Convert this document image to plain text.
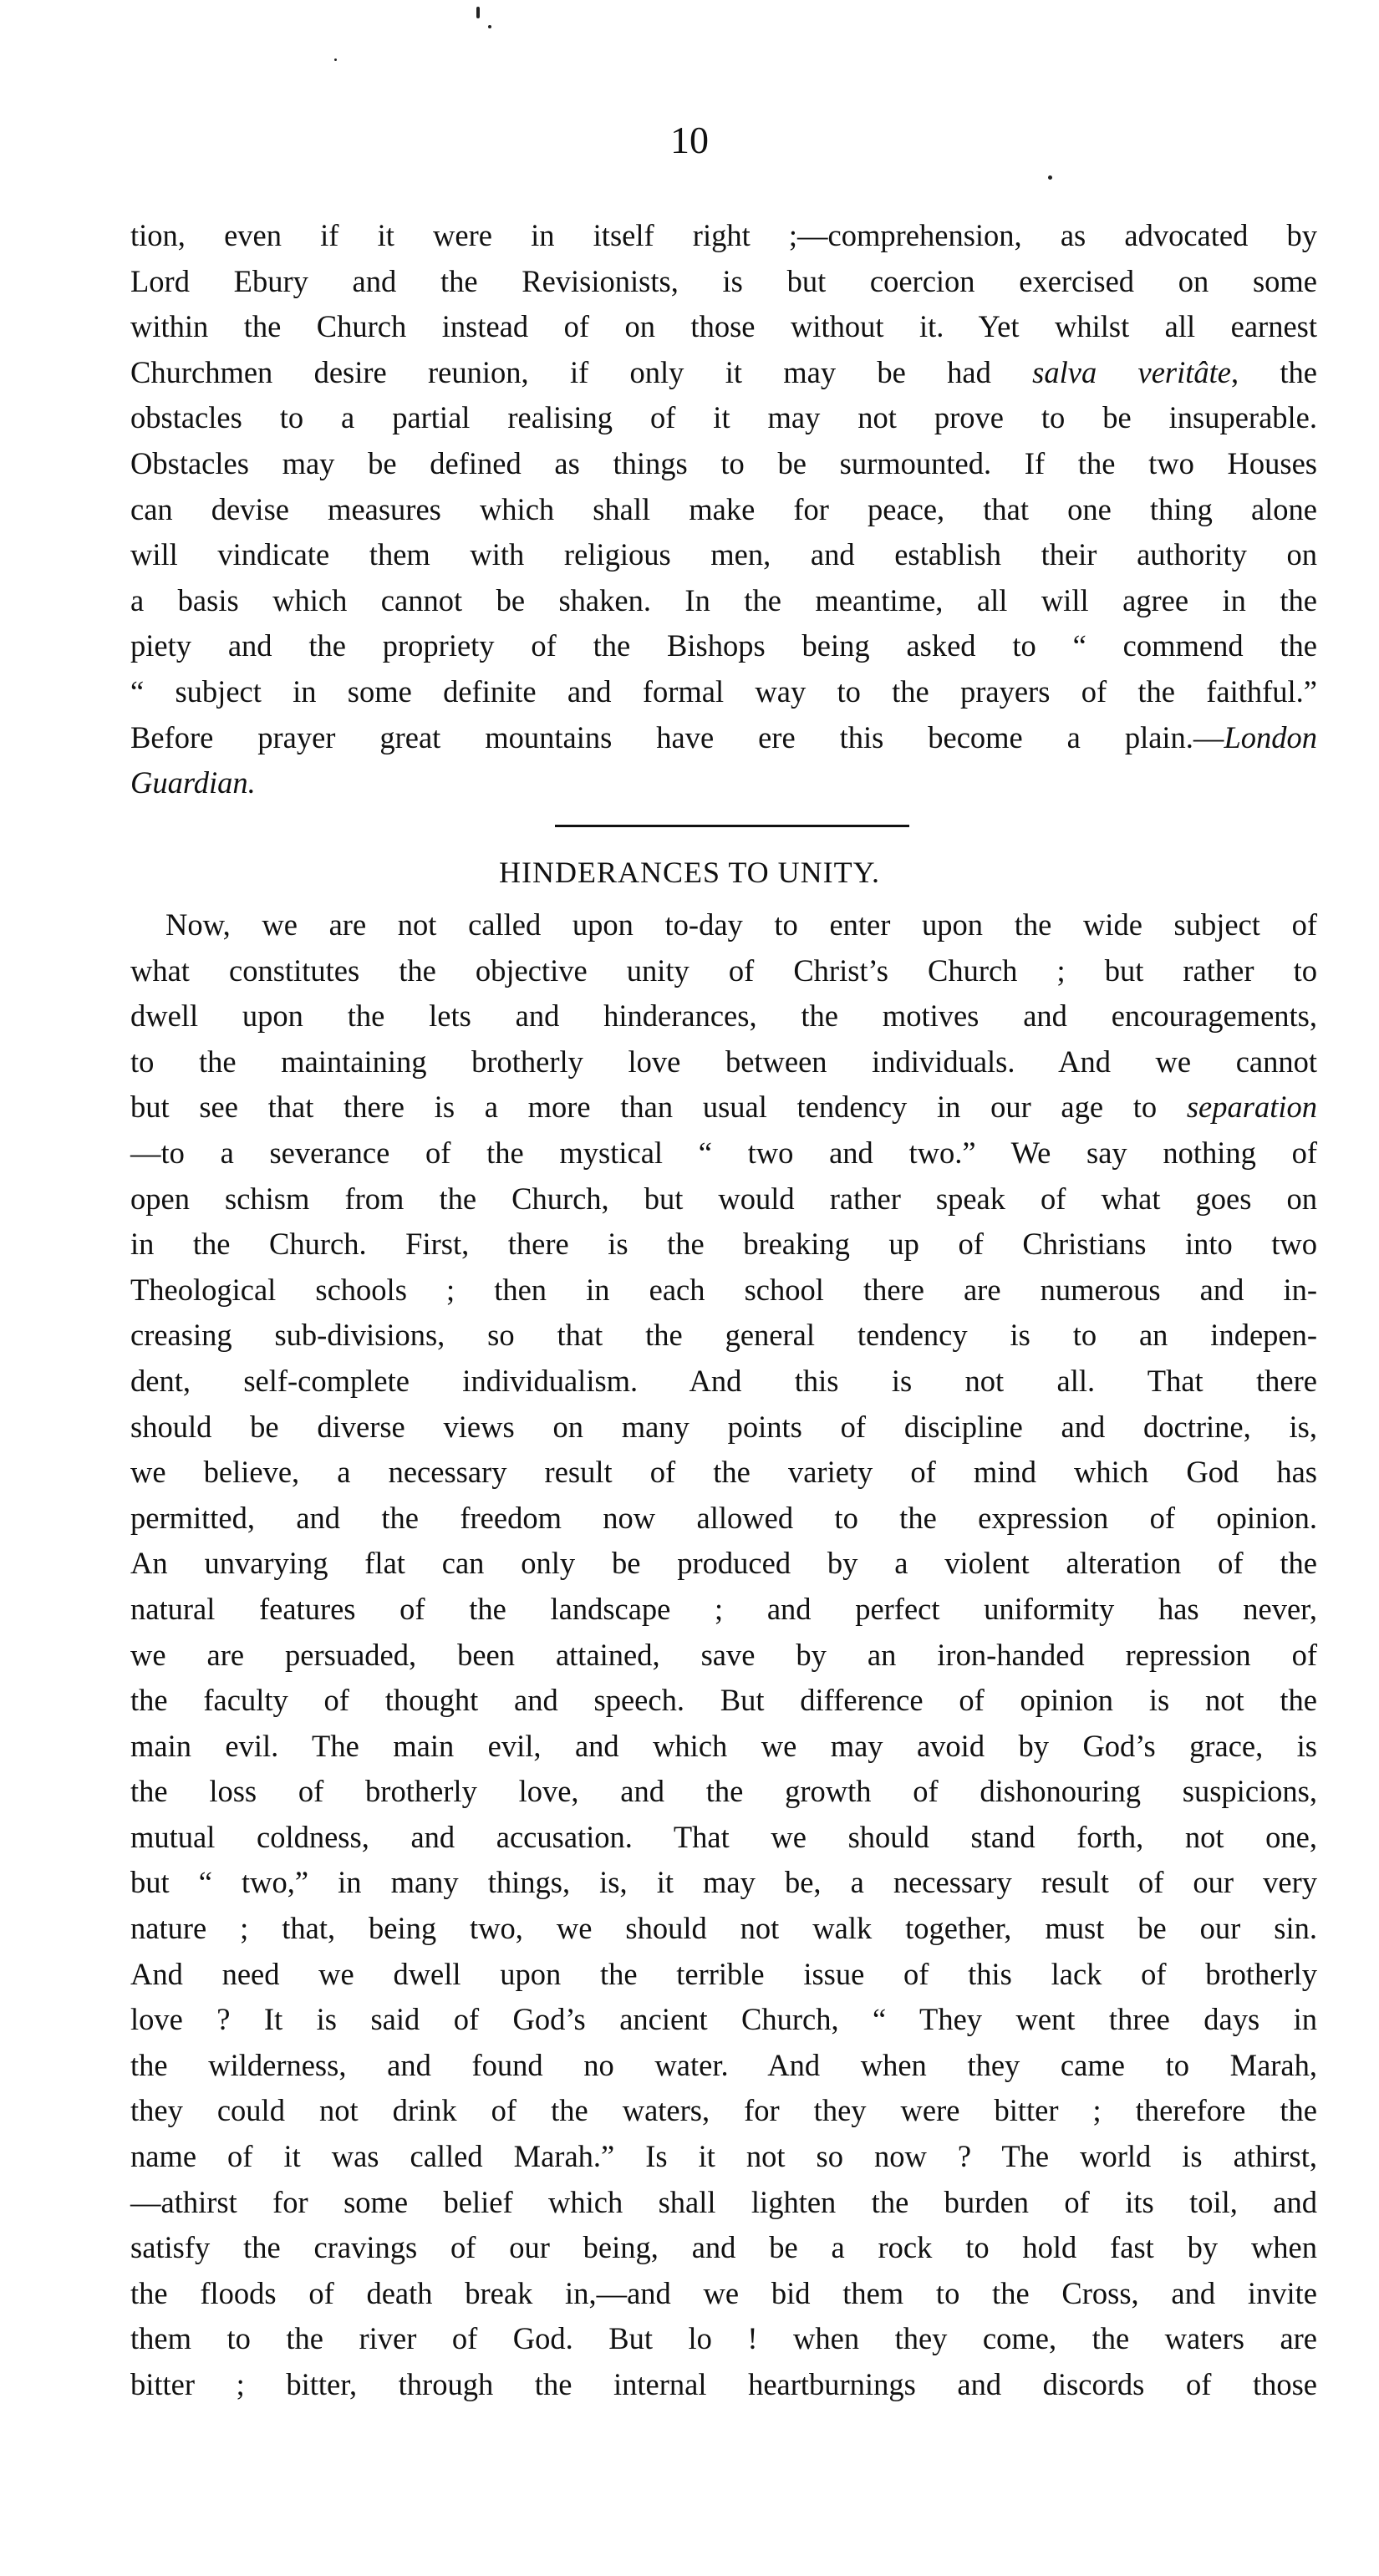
10
tion, even if it were in itself right ;—comprehension, as advocated by
Lord Ebury and the Revisionists, is but coercion exercised on some
within the Church instead of on those without it. Yet whilst all earnest
Churchmen desire reunion, if only it may be had salva veritâte, the
obstacles to a partial realising of it may not prove to be insuperable.
Obstacles may be defined as things to be surmounted. If the two Houses
can devise measures which shall make for peace, that one thing alone
will vindicate them with religious men, and establish their authority on
a basis which cannot be shaken. In the meantime, all will agree in the
piety and the propriety of the Bishops being asked to “ commend the
“ subject in some definite and formal way to the prayers of the faithful.”
Before prayer great mountains have ere this become a plain.—London
Guardian.
HINDERANCES TO UNITY.
Now, we are not called upon to-day to enter upon the wide subject of
what constitutes the objective unity of Christ’s Church ; but rather to
dwell upon the lets and hinderances, the motives and encouragements,
to the maintaining brotherly love between individuals. And we cannot
but see that there is a more than usual tendency in our age to separation
—to a severance of the mystical “ two and two.” We say nothing of
open schism from the Church, but would rather speak of what goes on
in the Church. First, there is the breaking up of Christians into two
Theological schools ; then in each school there are numerous and in-
creasing sub-divisions, so that the general tendency is to an indepen-
dent, self-complete individualism. And this is not all. That there
should be diverse views on many points of discipline and doctrine, is,
we believe, a necessary result of the variety of mind which God has
permitted, and the freedom now allowed to the expression of opinion.
An unvarying flat can only be produced by a violent alteration of the
natural features of the landscape ; and perfect uniformity has never,
we are persuaded, been attained, save by an iron-handed repression of
the faculty of thought and speech. But difference of opinion is not the
main evil. The main evil, and which we may avoid by God’s grace, is
the loss of brotherly love, and the growth of dishonouring suspicions,
mutual coldness, and accusation. That we should stand forth, not one,
but “ two,” in many things, is, it may be, a necessary result of our very
nature ; that, being two, we should not walk together, must be our sin.
And need we dwell upon the terrible issue of this lack of brotherly
love ? It is said of God’s ancient Church, “ They went three days in
the wilderness, and found no water. And when they came to Marah,
they could not drink of the waters, for they were bitter ; therefore the
name of it was called Marah.” Is it not so now ? The world is athirst,
—athirst for some belief which shall lighten the burden of its toil, and
satisfy the cravings of our being, and be a rock to hold fast by when
the floods of death break in,—and we bid them to the Cross, and invite
them to the river of God. But lo ! when they come, the waters are
bitter ; bitter, through the internal heartburnings and discords of those
